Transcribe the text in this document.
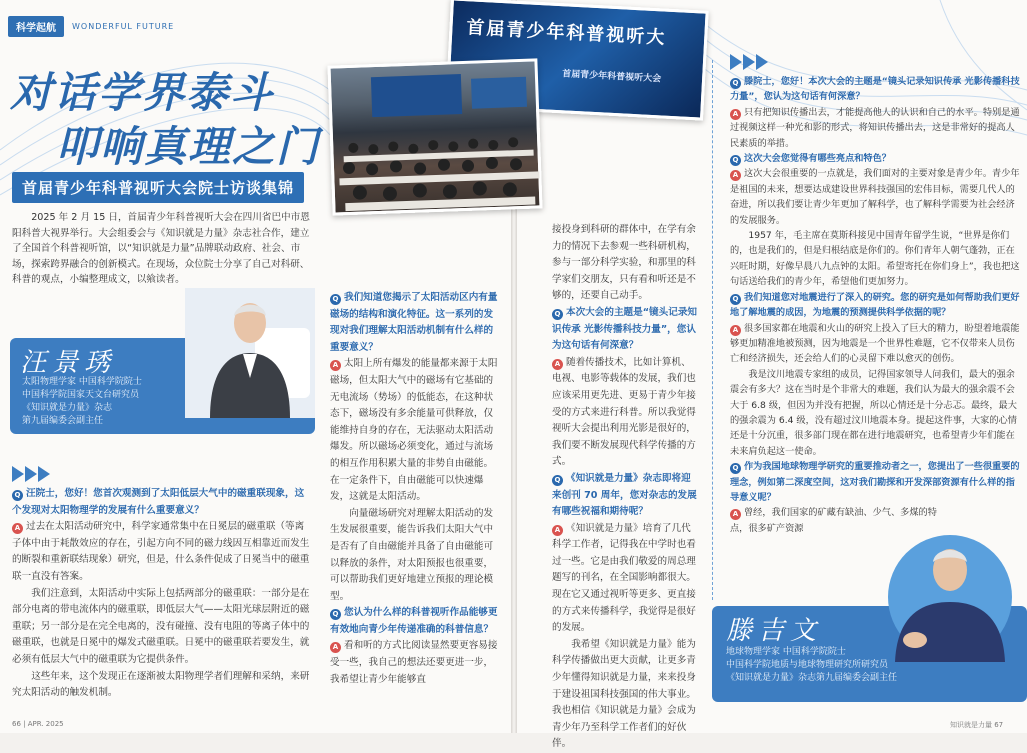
科学起航	WONDERFUL FUTURE
对话学界泰斗
叩响真理之门
首届青少年科普视听大会院士访谈集锦
首届青少年科普视听大
首届青少年科普视听大会
2025 年 2 月 15 日，首届青少年科普视听大会在四川省巴中市恩阳科普大视界举行。大会组委会与《知识就是力量》杂志社合作，建立了全国首个科普视听馆，以“知识就是力量”品牌联动政府、社会、市场，探索跨界融合的创新模式。在现场，众位院士分享了自己对科研、科普的观点，小编整理成文，以飨读者。
汪景琇
太阳物理学家 中国科学院院士
中国科学院国家天文台研究员
《知识就是力量》杂志
第九届编委会副主任
滕吉文
地球物理学家 中国科学院院士
中国科学院地质与地球物理研究所研究员
《知识就是力量》杂志第九届编委会副主任
Q 汪院士，您好！您首次观测到了太阳低层大气中的磁重联现象，这个发现对太阳物理学的发展有什么重要意义？
A 过去在太阳活动研究中，科学家通常集中在日冕层的磁重联（等离子体中由于耗散效应的存在，引起方向不同的磁力线因互相靠近而发生的断裂和重新联结现象）研究，但是，什么条件促成了日冕当中的磁重联一直没有答案。
我们注意到，太阳活动中实际上包括两部分的磁重联：一部分是在部分电离的带电流体内的磁重联，即低层大气——太阳光球层附近的磁重联；另一部分是在完全电离的，没有碰撞、没有电阻的等离子体中的磁重联，也就是日冕中的爆发式磁重联。日冕中的磁重联若要发生，就必须有低层大气中的磁重联为它提供条件。
这些年来，这个发现正在逐渐被太阳物理学者们理解和采纳，来研究太阳活动的触发机制。
Q 我们知道您揭示了太阳活动区内有量磁场的结构和演化特征。这一系列的发现对我们理解太阳活动机制有什么样的重要意义？
A 太阳上所有爆发的能量都来源于太阳磁场，但太阳大气中的磁场有它基础的无电流场（势场）的低能态，在这种状态下，磁场没有多余能量可供释放，仅能维持自身的存在，无法驱动太阳活动爆发。所以磁场必须变化，通过与流场的相互作用积累大量的非势自由磁能。在一定条件下，自由磁能可以快速爆发，这就是太阳活动。
向量磁场研究对理解太阳活动的发生发展很重要，能告诉我们太阳大气中是否有了自由磁能并具备了自由磁能可以释放的条件，对太阳预报也很重要，可以帮助我们更好地建立预报的理论模型。
Q 您认为什么样的科普视听作品能够更有效地向青少年传递准确的科普信息？
A 看和听的方式比阅读显然要更容易接受一些，我自己的想法还要更进一步，我希望让青少年能够直
接投身到科研的群体中，在学有余力的情况下去参观一些科研机构，参与一部分科学实验，和那里的科学家们交朋友，只有看和听还是不够的，还要自己动手。
Q 本次大会的主题是“镜头记录知识传承 光影传播科技力量”，您认为这句话有何深意？
A 随着传播技术，比如计算机、电视、电影等载体的发展，我们也应该采用更先进、更易于青少年接受的方式来进行科普。所以我觉得视听大会提出利用光影是很好的，我们要不断发展现代科学传播的方式。
Q 《知识就是力量》杂志即将迎来创刊 70 周年，您对杂志的发展有哪些祝福和期待呢？
A 《知识就是力量》培育了几代科学工作者，记得我在中学时也看过一些。它是由我们敬爱的周总理题写的刊名，在全国影响都很大。现在它又通过视听等更多、更直接的方式来传播科学，我觉得是很好的发展。
我希望《知识就是力量》能为科学传播做出更大贡献，让更多青少年懂得知识就是力量，来来投身于建设祖国科技强国的伟大事业。我也相信《知识就是力量》会成为青少年乃至科学工作者们的好伙伴。
Q 滕院士，您好！本次大会的主题是“镜头记录知识传承 光影传播科技力量”，您认为这句话有何深意？
A 只有把知识传播出去，才能提高他人的认识和自己的水平。特别是通过视频这样一种光和影的形式，将知识传播出去，这是非常好的提高人民素质的举措。
Q 这次大会您觉得有哪些亮点和特色？
A 这次大会很重要的一点就是，我们面对的主要对象是青少年。青少年是祖国的未来，想要达成建设世界科技强国的宏伟目标，需要几代人的奋进，所以我们要让青少年更加了解科学，也了解科学需要为社会经济的发展服务。
1957 年，毛主席在莫斯科接见中国青年留学生说，“世界是你们的，也是我们的，但是归根结底是你们的。你们青年人朝气蓬勃，正在兴旺时期，好像早晨八九点钟的太阳。希望寄托在你们身上”，我也把这句话送给我们的青少年，希望他们更加努力。
Q 我们知道您对地震进行了深入的研究。您的研究是如何帮助我们更好地了解地震的成因，为地震的预测提供科学依据的呢？
A 很多国家都在地震和火山的研究上投入了巨大的精力，盼望着地震能够更加精准地被预测，因为地震是一个世界性难题，它不仅带来人员伤亡和经济损失，还会给人们的心灵留下难以愈灭的创伤。
我是汶川地震专家组的成员，记得国家领导人问我们，最大的强余震会有多大？这在当时是个非常大的难题，我们认为最大的强余震不会大于 6.8 级，但因为并没有把握，所以心情还是十分忐忑。最终，最大的强余震为 6.4 级，没有超过汶川地震本身。提起这件事，大家的心情还是十分沉重，很多部门现在都在进行地震研究，也希望青少年们能在未来肩负起这一使命。
Q 作为我国地球物理学研究的重要推动者之一，您提出了一些很重要的理念，例如第二深度空间，这对我们勘探和开发深部资源有什么样的指导意义呢？
A 曾经，我们国家的矿藏有缺油、少气、多煤的特点，很多矿产资源
66 | APR. 2025	知识就是力量 67
